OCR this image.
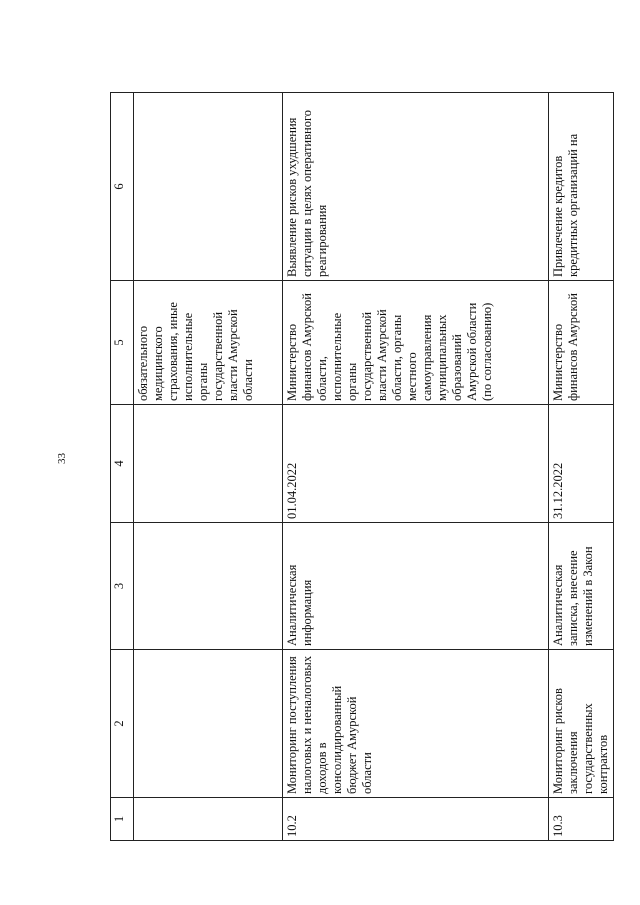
33
1	2	3	4	5	6
				обязательного медицинского страхования, иные исполнительные органы государственной власти Амурской области	
10.2	Мониторинг поступления налоговых и неналоговых доходов в консолидированный бюджет Амурской области	Аналитическая информация	01.04.2022	Министерство финансов Амурской области, исполнительные органы государственной власти Амурской области, органы местного самоуправления муниципальных образований Амурской области (по согласованию)	Выявление рисков ухудшения ситуации в целях оперативного реагирования
10.3	Мониторинг рисков заключения государственных контрактов	Аналитическая записка, внесение изменений в Закон	31.12.2022	Министерство финансов Амурской	Привлечение кредитов кредитных организаций на
